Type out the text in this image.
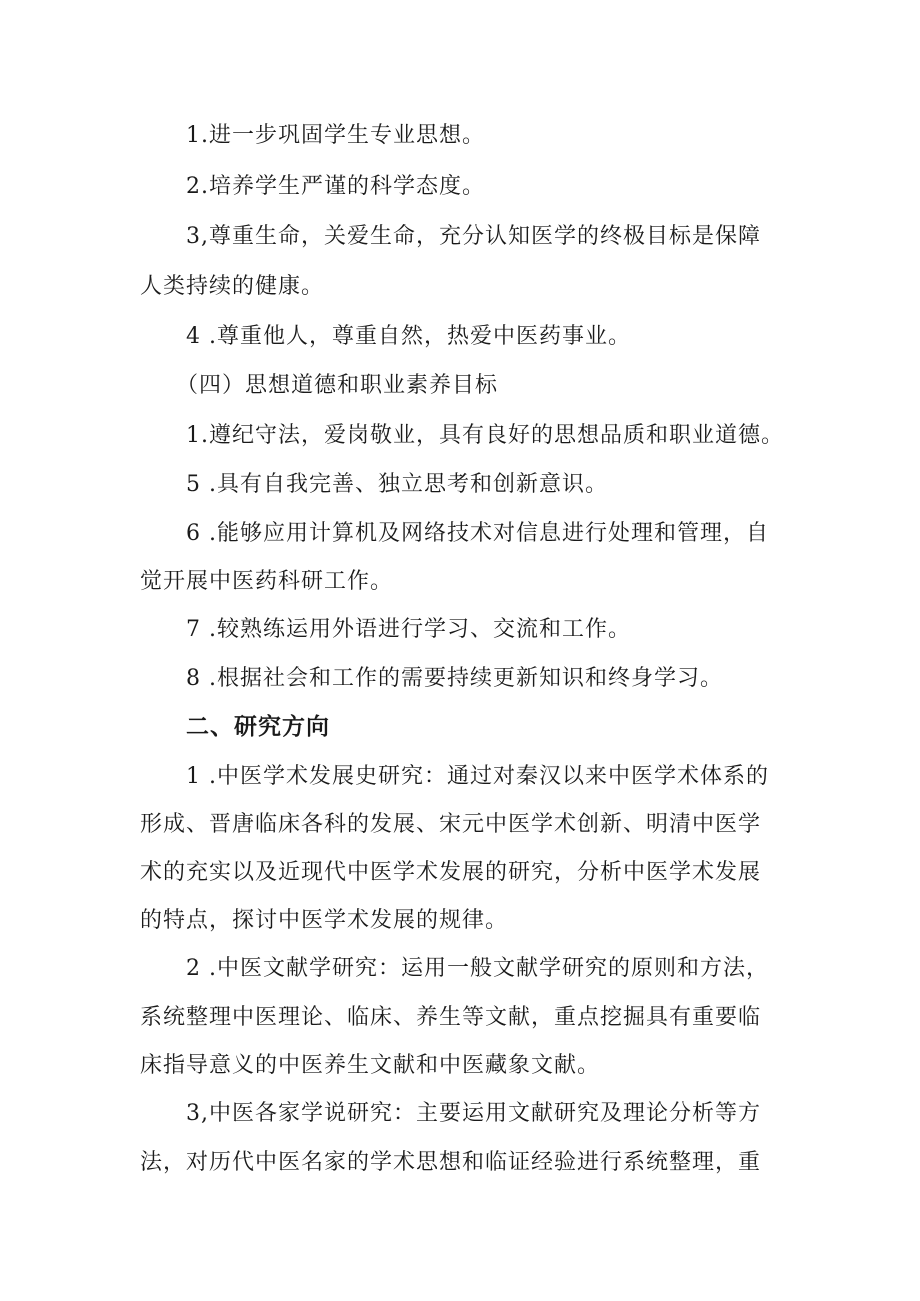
1.进一步巩固学生专业思想。
2.培养学生严谨的科学态度。
3,尊重生命，关爱生命，充分认知医学的终极目标是保障
人类持续的健康。
4 .尊重他人，尊重自然，热爱中医药事业。
（四）思想道德和职业素养目标
1.遵纪守法，爱岗敬业，具有良好的思想品质和职业道德。
5 .具有自我完善、独立思考和创新意识。
6 .能够应用计算机及网络技术对信息进行处理和管理，自
觉开展中医药科研工作。
7 .较熟练运用外语进行学习、交流和工作。
8 .根据社会和工作的需要持续更新知识和终身学习。
二、研究方向
1 .中医学术发展史研究：通过对秦汉以来中医学术体系的
形成、晋唐临床各科的发展、宋元中医学术创新、明清中医学
术的充实以及近现代中医学术发展的研究，分析中医学术发展
的特点，探讨中医学术发展的规律。
2 .中医文献学研究：运用一般文献学研究的原则和方法，
系统整理中医理论、临床、养生等文献，重点挖掘具有重要临
床指导意义的中医养生文献和中医藏象文献。
3,中医各家学说研究：主要运用文献研究及理论分析等方
法，对历代中医名家的学术思想和临证经验进行系统整理，重
